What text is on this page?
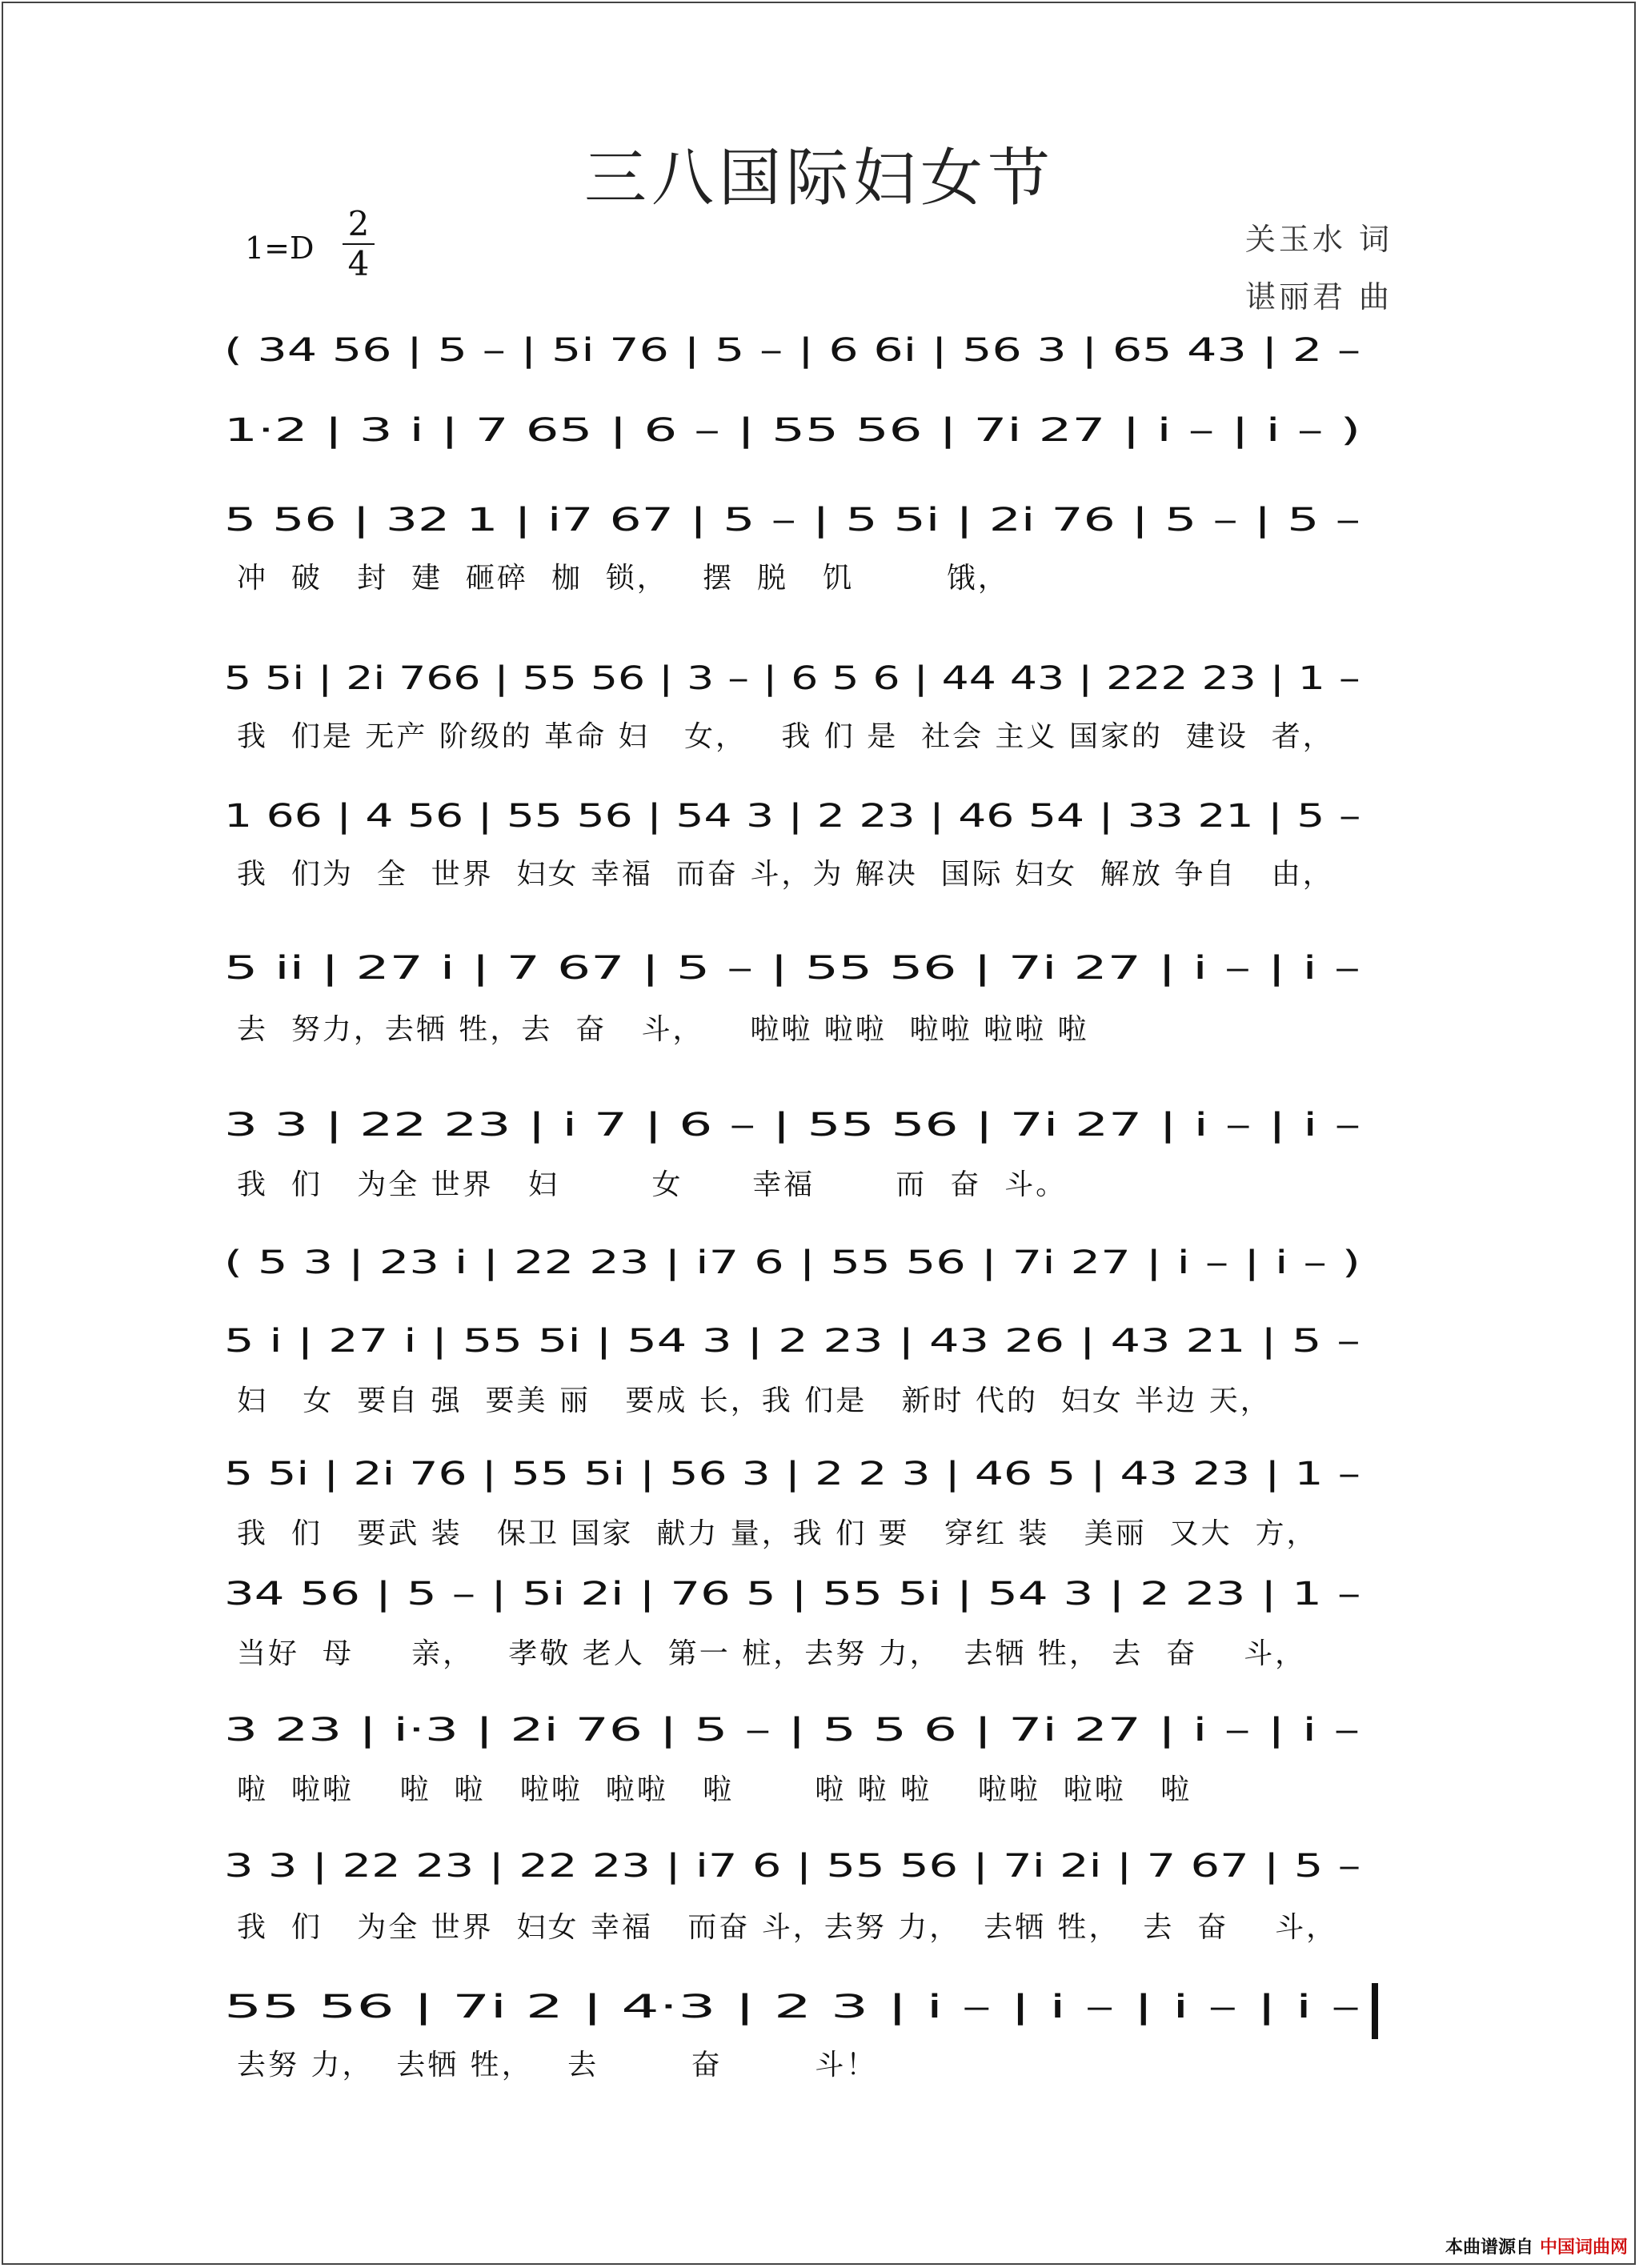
三八国际妇女节
1=D
2
4
关玉水 词
谌丽君 曲
( 34 56 | 5 – | 5i 76 | 5 – | 6 6i | 56 3 | 65 43 | 2 –
1·2 | 3 i | 7 65 | 6 – | 55 56 | 7i 27 | i – | i – )
5 56 | 32 1 | i7 67 | 5 – | 5 5i | 2i 76 | 5 – | 5 –
冲  破   封  建  砸碎  枷  锁，   摆  脱   饥        饿，
5 5i | 2i 766 | 55 56 | 3 – | 6 5 6 | 44 43 | 222 23 | 1 –
我  们是 无产 阶级的 革命 妇   女，   我 们 是  社会 主义 国家的  建设  者，
1 66 | 4 56 | 55 56 | 54 3 | 2 23 | 46 54 | 33 21 | 5 –
我  们为  全  世界  妇女 幸福  而奋 斗，为 解决  国际 妇女  解放 争自   由，
5 ii | 27 i | 7 67 | 5 – | 55 56 | 7i 27 | i – | i –
去  努力，去牺 牲，去  奋   斗，    啦啦 啦啦  啦啦 啦啦 啦
3 3 | 22 23 | i 7 | 6 – | 55 56 | 7i 27 | i – | i –
我  们   为全 世界   妇        女      幸福       而  奋  斗。
( 5 3 | 23 i | 22 23 | i7 6 | 55 56 | 7i 27 | i – | i – )
5 i | 27 i | 55 5i | 54 3 | 2 23 | 43 26 | 43 21 | 5 –
妇   女  要自 强  要美 丽   要成 长，我 们是   新时 代的  妇女 半边 天，
5 5i | 2i 76 | 55 5i | 56 3 | 2 2 3 | 46 5 | 43 23 | 1 –
我  们   要武 装   保卫 国家  献力 量，我 们 要   穿红 装   美丽  又大  方，
34 56 | 5 – | 5i 2i | 76 5 | 55 5i | 54 3 | 2 23 | 1 –
当好  母     亲，   孝敬 老人  第一 桩，去努 力，  去牺 牲， 去  奋    斗，
3 23 | i·3 | 2i 76 | 5 – | 5 5 6 | 7i 27 | i – | i –
啦  啦啦    啦  啦   啦啦  啦啦   啦       啦 啦 啦    啦啦  啦啦   啦
3 3 | 22 23 | 22 23 | i7 6 | 55 56 | 7i 2i | 7 67 | 5 –
我  们   为全 世界  妇女 幸福   而奋 斗，去努 力，  去牺 牲，  去  奋    斗，
55 56 | 7i 2 | 4·3 | 2 3 | i – | i – | i – | i –
去努 力，  去牺 牲，   去        奋        斗！
本曲谱源自 中国词曲网
